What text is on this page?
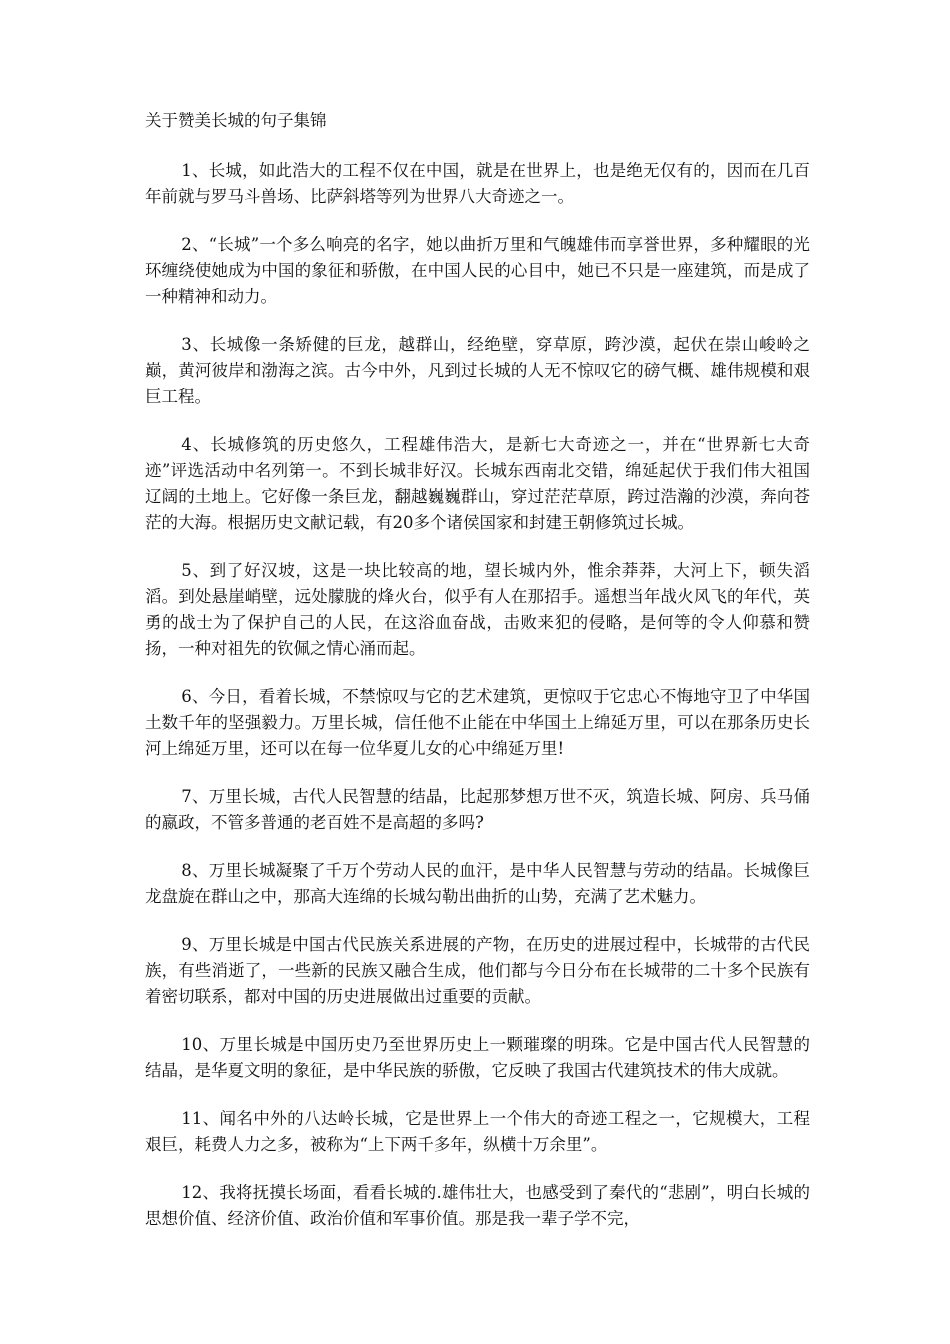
关于赞美长城的句子集锦

1、长城，如此浩大的工程不仅在中国，就是在世界上，也是绝无仅有的，因而在几百年前就与罗马斗兽场、比萨斜塔等列为世界八大奇迹之一。

2、“长城”一个多么响亮的名字，她以曲折万里和气魄雄伟而享誉世界，多种耀眼的光环缠绕使她成为中国的象征和骄傲，在中国人民的心目中，她已不只是一座建筑，而是成了一种精神和动力。

3、长城像一条矫健的巨龙，越群山，经绝壁，穿草原，跨沙漠，起伏在崇山峻岭之巅，黄河彼岸和渤海之滨。古今中外，凡到过长城的人无不惊叹它的磅气概、雄伟规模和艰巨工程。

4、长城修筑的历史悠久，工程雄伟浩大，是新七大奇迹之一，并在“世界新七大奇迹”评选活动中名列第一。不到长城非好汉。长城东西南北交错，绵延起伏于我们伟大祖国辽阔的土地上。它好像一条巨龙，翻越巍巍群山，穿过茫茫草原，跨过浩瀚的沙漠，奔向苍茫的大海。根据历史文献记载，有20多个诸侯国家和封建王朝修筑过长城。

5、到了好汉坡，这是一块比较高的地，望长城内外，惟余莽莽，大河上下，顿失滔滔。到处悬崖峭壁，远处朦胧的烽火台，似乎有人在那招手。遥想当年战火风飞的年代，英勇的战士为了保护自己的人民，在这浴血奋战，击败来犯的侵略，是何等的令人仰慕和赞扬，一种对祖先的钦佩之情心涌而起。

6、今日，看着长城，不禁惊叹与它的艺术建筑，更惊叹于它忠心不悔地守卫了中华国土数千年的坚强毅力。万里长城，信任他不止能在中华国土上绵延万里，可以在那条历史长河上绵延万里，还可以在每一位华夏儿女的心中绵延万里!

7、万里长城，古代人民智慧的结晶，比起那梦想万世不灭，筑造长城、阿房、兵马俑的嬴政，不管多普通的老百姓不是高超的多吗?

8、万里长城凝聚了千万个劳动人民的血汗，是中华人民智慧与劳动的结晶。长城像巨龙盘旋在群山之中，那高大连绵的长城勾勒出曲折的山势，充满了艺术魅力。

9、万里长城是中国古代民族关系进展的产物，在历史的进展过程中，长城带的古代民族，有些消逝了，一些新的民族又融合生成，他们都与今日分布在长城带的二十多个民族有着密切联系，都对中国的历史进展做出过重要的贡献。

10、万里长城是中国历史乃至世界历史上一颗璀璨的明珠。它是中国古代人民智慧的结晶，是华夏文明的象征，是中华民族的骄傲，它反映了我国古代建筑技术的伟大成就。

11、闻名中外的八达岭长城，它是世界上一个伟大的奇迹工程之一，它规模大，工程艰巨，耗费人力之多，被称为“上下两千多年，纵横十万余里”。

12、我将抚摸长场面，看看长城的.雄伟壮大，也感受到了秦代的“悲剧”，明白长城的思想价值、经济价值、政治价值和军事价值。那是我一辈子学不完，
